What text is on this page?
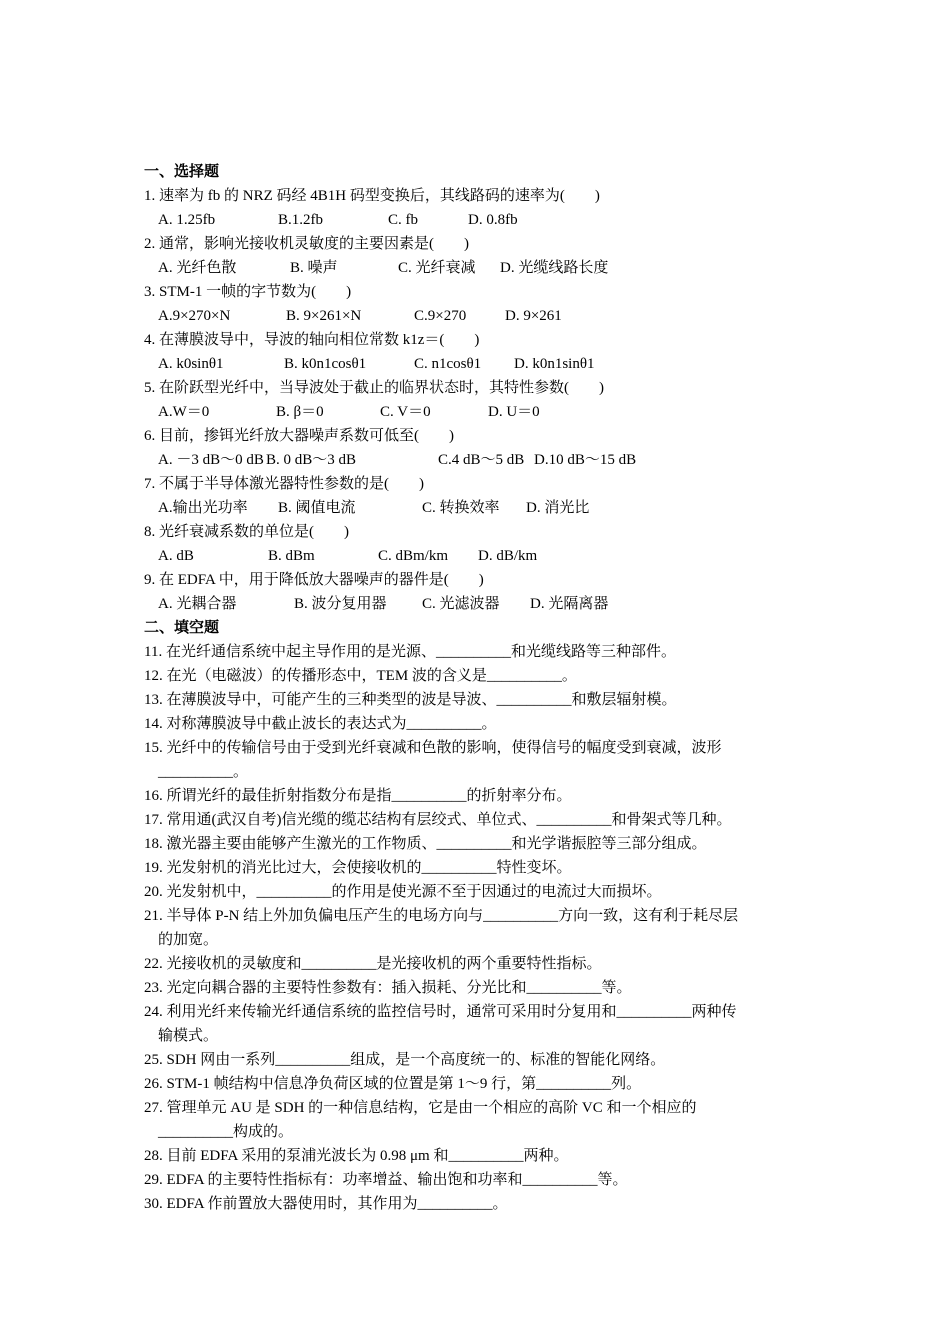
一、选择题
1. 速率为 fb 的 NRZ 码经 4B1H 码型变换后，其线路码的速率为(　　)
A. 1.25fb	B.1.2fb	C. fb	D. 0.8fb
2. 通常，影响光接收机灵敏度的主要因素是(　　)
A. 光纤色散	B. 噪声	C. 光纤衰减 D. 光缆线路长度
3. STM-1 一帧的字节数为(　　)
A.9×270×N	B. 9×261×N	C.9×270	D. 9×261
4. 在薄膜波导中，导波的轴向相位常数 k1z＝(　　)
A. k0sinθ1	B. k0n1cosθ1	C. n1cosθ1 D. k0n1sinθ1
5. 在阶跃型光纤中，当导波处于截止的临界状态时，其特性参数(　　)
A.W＝0	B. β＝0	C. V＝0	D. U＝0
6. 目前，掺铒光纤放大器噪声系数可低至(　　)
A. －3 dB～0 dB B. 0 dB～3 dB	C.4 dB～5 dB D.10 dB～15 dB
7. 不属于半导体激光器特性参数的是(　　)
A.输出光功率 B. 阈值电流	C. 转换效率 D. 消光比
8. 光纤衰减系数的单位是(　　)
A. dB	B. dBm	C. dBm/km D. dB/km
9. 在 EDFA 中，用于降低放大器噪声的器件是(　　)
A. 光耦合器	B. 波分复用器 C. 光滤波器 D. 光隔离器
二、填空题
11. 在光纤通信系统中起主导作用的是光源、__________和光缆线路等三种部件。
12. 在光（电磁波）的传播形态中，TEM 波的含义是__________。
13. 在薄膜波导中，可能产生的三种类型的波是导波、__________和敷层辐射模。
14. 对称薄膜波导中截止波长的表达式为__________。
15. 光纤中的传输信号由于受到光纤衰减和色散的影响，使得信号的幅度受到衰减，波形
__________。
16. 所谓光纤的最佳折射指数分布是指__________的折射率分布。
17. 常用通(武汉自考)信光缆的缆芯结构有层绞式、单位式、__________和骨架式等几种。
18. 激光器主要由能够产生激光的工作物质、__________和光学谐振腔等三部分组成。
19. 光发射机的消光比过大，会使接收机的__________特性变坏。
20. 光发射机中，__________的作用是使光源不至于因通过的电流过大而损坏。
21. 半导体 P-N 结上外加负偏电压产生的电场方向与__________方向一致，这有利于耗尽层
的加宽。
22. 光接收机的灵敏度和__________是光接收机的两个重要特性指标。
23. 光定向耦合器的主要特性参数有：插入损耗、分光比和__________等。
24. 利用光纤来传输光纤通信系统的监控信号时，通常可采用时分复用和__________两种传
输模式。
25. SDH 网由一系列__________组成，是一个高度统一的、标准的智能化网络。
26. STM-1 帧结构中信息净负荷区域的位置是第 1～9 行，第__________列。
27. 管理单元 AU 是 SDH 的一种信息结构，它是由一个相应的高阶 VC 和一个相应的
__________构成的。
28. 目前 EDFA 采用的泵浦光波长为 0.98 μm 和__________两种。
29. EDFA 的主要特性指标有：功率增益、输出饱和功率和__________等。
30. EDFA 作前置放大器使用时，其作用为__________。
